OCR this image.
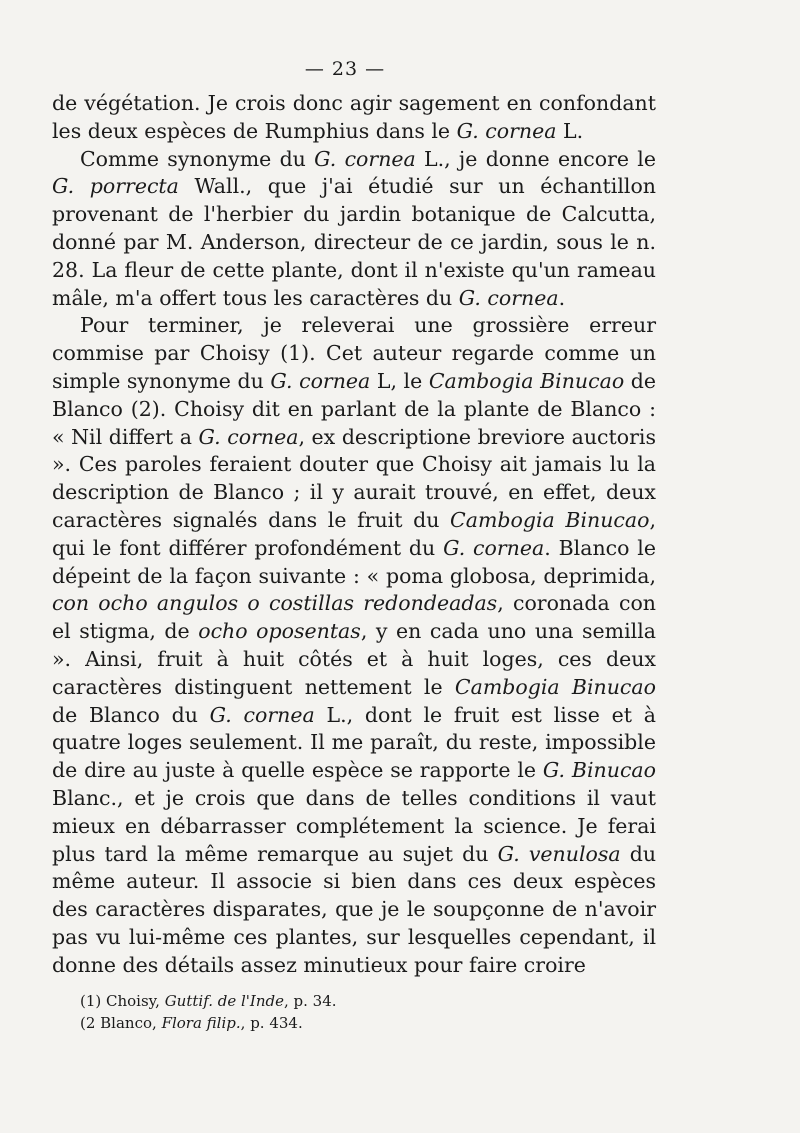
— 23 —

de végétation. Je crois donc agir sagement en confondant les deux espèces de Rumphius dans le G. cornea L.

Comme synonyme du G. cornea L., je donne encore le G. porrecta Wall., que j'ai étudié sur un échantillon provenant de l'herbier du jardin botanique de Calcutta, donné par M. Anderson, directeur de ce jardin, sous le n. 28. La fleur de cette plante, dont il n'existe qu'un rameau mâle, m'a offert tous les caractères du G. cornea.

Pour terminer, je releverai une grossière erreur commise par Choisy (1). Cet auteur regarde comme un simple synonyme du G. cornea L, le Cambogia Binucao de Blanco (2). Choisy dit en parlant de la plante de Blanco : « Nil differt a G. cornea, ex descriptione breviore auctoris ». Ces paroles feraient douter que Choisy ait jamais lu la description de Blanco ; il y aurait trouvé, en effet, deux caractères signalés dans le fruit du Cambogia Binucao, qui le font différer profondément du G. cornea. Blanco le dépeint de la façon suivante : « poma globosa, deprimida, con ocho angulos o costillas redondeadas, coronada con el stigma, de ocho oposentas, y en cada uno una semilla ». Ainsi, fruit à huit côtés et à huit loges, ces deux caractères distinguent nettement le Cambogia Binucao de Blanco du G. cornea L., dont le fruit est lisse et à quatre loges seulement. Il me paraît, du reste, impossible de dire au juste à quelle espèce se rapporte le G. Binucao Blanc., et je crois que dans de telles conditions il vaut mieux en débarrasser complétement la science. Je ferai plus tard la même remarque au sujet du G. venulosa du même auteur. Il associe si bien dans ces deux espèces des caractères disparates, que je le soupçonne de n'avoir pas vu lui-même ces plantes, sur lesquelles cependant, il donne des détails assez minutieux pour faire croire

(1) Choisy, Guttif. de l'Inde, p. 34.
(2 Blanco, Flora filip., p. 434.
